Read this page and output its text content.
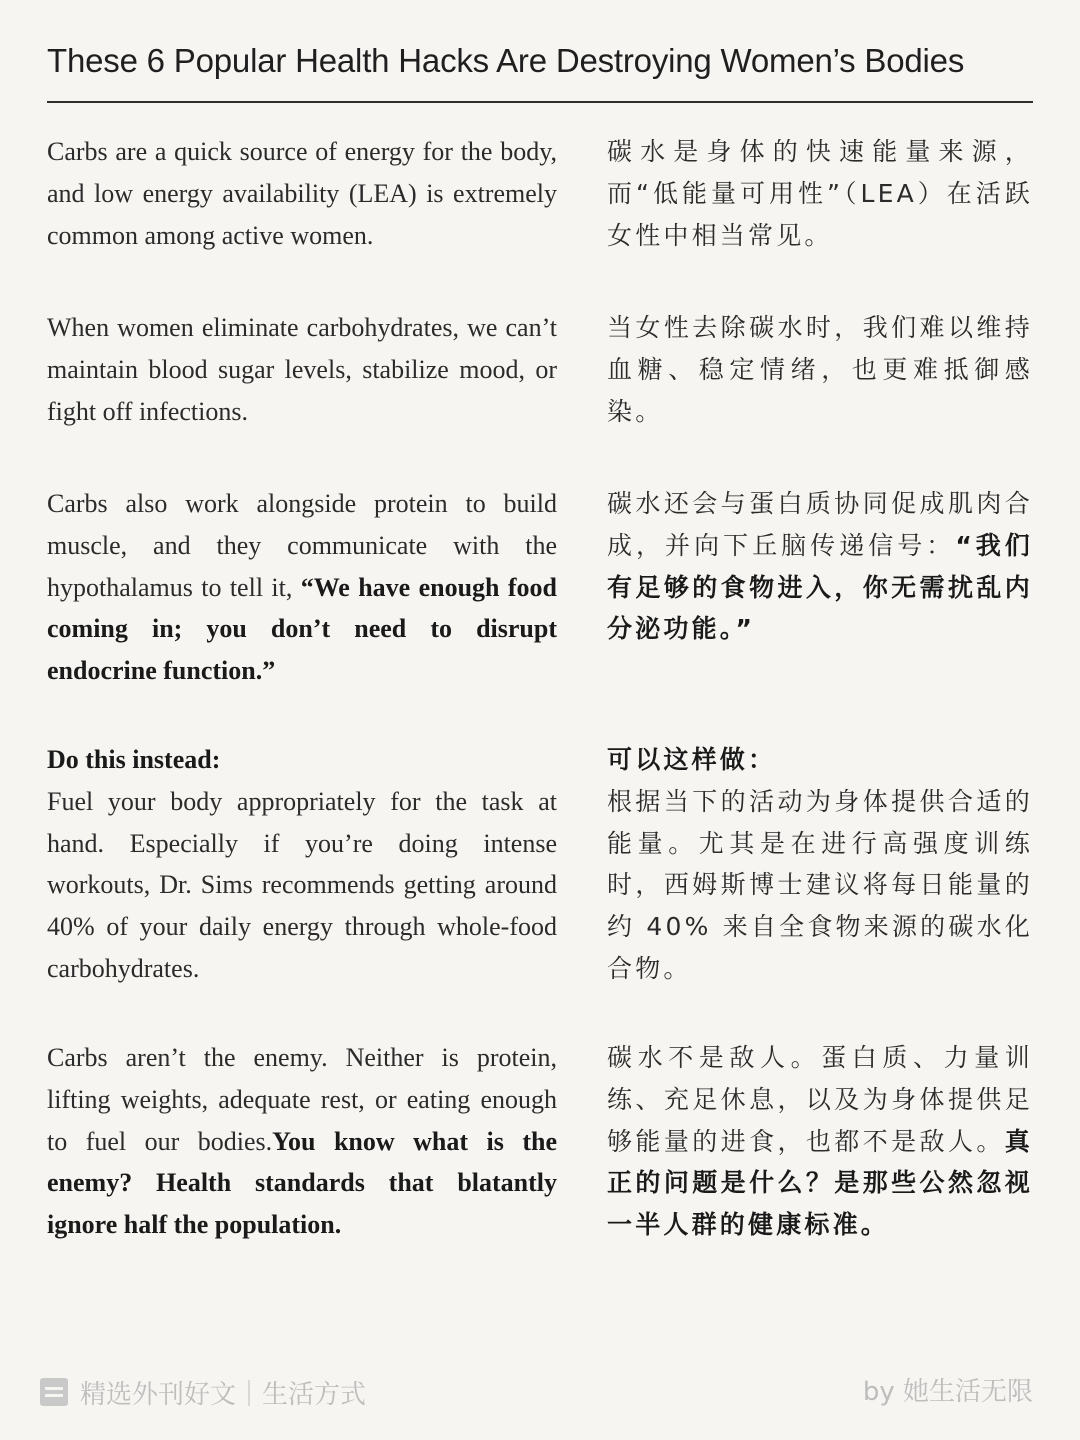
These 6 Popular Health Hacks Are Destroying Women’s Bodies
Carbs are a quick source of energy for the body, and low energy availability (LEA) is extremely common among active women.
碳水是身体的快速能量来源，而“低能量可用性”（LEA）在活跃女性中相当常见。
When women eliminate carbohydrates, we can’t maintain blood sugar levels, stabilize mood, or fight off infections.
当女性去除碳水时，我们难以维持血糖、稳定情绪，也更难抵御感染。
Carbs also work alongside protein to build muscle, and they communicate with the hypothalamus to tell it, “We have enough food coming in; you don’t need to disrupt endocrine function.”
碳水还会与蛋白质协同促成肌肉合成，并向下丘脑传递信号：“我们有足够的食物进入，你无需扰乱内分泌功能。”
Do this instead:
Fuel your body appropriately for the task at hand. Especially if you’re doing intense workouts, Dr. Sims recommends getting around 40% of your daily energy through whole-food carbohydrates.
可以这样做：
根据当下的活动为身体提供合适的能量。尤其是在进行高强度训练时，西姆斯博士建议将每日能量的约 40% 来自全食物来源的碳水化合物。
Carbs aren’t the enemy. Neither is protein, lifting weights, adequate rest, or eating enough to fuel our bodies.You know what is the enemy? Health standards that blatantly ignore half the population.
碳水不是敌人。蛋白质、力量训练、充足休息，以及为身体提供足够能量的进食，也都不是敌人。真正的问题是什么？是那些公然忽视一半人群的健康标准。
精选外刊好文｜生活方式	by 她生活无限
